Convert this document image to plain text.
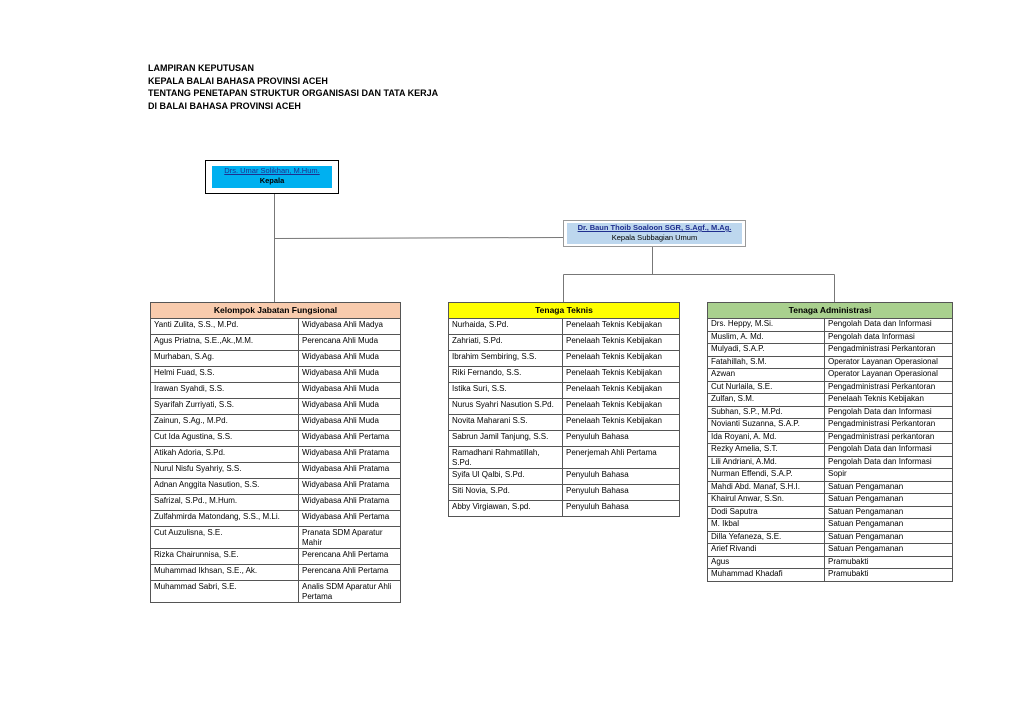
LAMPIRAN KEPUTUSAN
KEPALA BALAI BAHASA PROVINSI ACEH
TENTANG PENETAPAN STRUKTUR ORGANISASI DAN TATA KERJA
DI BALAI BAHASA PROVINSI ACEH
Drs. Umar Solikhan, M.Hum.
Kepala
Dr. Baun Thoib Soaloon SGR, S.Agf., M.Ag.
Kepala Subbagian Umum
Kelompok Jabatan Fungsional	
Yanti Zulita, S.S., M.Pd.	Widyabasa Ahli Madya
Agus Priatna, S.E.,Ak.,M.M.	Perencana Ahli Muda
Murhaban, S.Ag.	Widyabasa Ahli Muda
Helmi Fuad, S.S.	Widyabasa Ahli Muda
Irawan Syahdi, S.S.	Widyabasa Ahli Muda
Syarifah Zurriyati, S.S.	Widyabasa Ahli Muda
Zainun, S.Ag., M.Pd.	Widyabasa Ahli Muda
Cut Ida Agustina, S.S.	Widyabasa Ahli Pertama
Atikah Adoria, S.Pd.	Widyabasa Ahli Pratama
Nurul Nisfu Syahriy, S.S.	Widyabasa Ahli Pratama
Adnan Anggita Nasution, S.S.	Widyabasa Ahli Pratama
Safrizal, S.Pd., M.Hum.	Widyabasa Ahli Pratama
Zulfahmirda Matondang, S.S., M.Li.	Widyabasa Ahli Pertama
Cut Auzulisna, S.E.	Pranata SDM Aparatur Mahir
Rizka Chairunnisa, S.E.	Perencana Ahli Pertama
Muhammad Ikhsan, S.E., Ak.	Perencana Ahli Pertama
Muhammad Sabri, S.E.	Analis SDM Aparatur Ahli Pertama
Tenaga Teknis	
Nurhaida, S.Pd.	Penelaah Teknis Kebijakan
Zahriati, S.Pd.	Penelaah Teknis Kebijakan
Ibrahim Sembiring, S.S.	Penelaah Teknis Kebijakan
Riki Fernando, S.S.	Penelaah Teknis Kebijakan
Istika Suri, S.S.	Penelaah Teknis Kebijakan
Nurus Syahri Nasution S.Pd.	Penelaah Teknis Kebijakan
Novita Maharani S.S.	Penelaah Teknis Kebijakan
Sabrun Jamil Tanjung, S.S.	Penyuluh Bahasa
Ramadhani Rahmatillah, S.Pd.	Penerjemah Ahli Pertama
Syifa Ul Qalbi, S.Pd.	Penyuluh Bahasa
Siti Novia, S.Pd.	Penyuluh Bahasa
Abby Virgiawan, S.pd.	Penyuluh Bahasa
Tenaga Administrasi	
Drs. Heppy, M.Si.	Pengolah Data dan Informasi
Muslim, A. Md.	Pengolah data Informasi
Mulyadi, S.A.P.	Pengadministrasi Perkantoran
Fatahillah, S.M.	Operator Layanan Operasional
Azwan	Operator Layanan Operasional
Cut Nurlaila, S.E.	Pengadministrasi Perkantoran
Zulfan, S.M.	Penelaah Teknis Kebijakan
Subhan, S.P., M.Pd.	Pengolah Data dan Informasi
Novianti Suzanna, S.A.P.	Pengadministrasi Perkantoran
Ida Royani, A. Md.	Pengadministrasi perkantoran
Rezky Amelia, S.T.	Pengolah Data dan Informasi
Lili Andriani, A.Md.	Pengolah Data dan Informasi
Nurman Effendi, S.A.P.	Sopir
Mahdi Abd. Manaf, S.H.I.	Satuan Pengamanan
Khairul Anwar, S.Sn.	Satuan Pengamanan
Dodi Saputra	Satuan Pengamanan
M. Ikbal	Satuan Pengamanan
Dilla Yefaneza, S.E.	Satuan Pengamanan
Arief Rivandi	Satuan Pengamanan
Agus	Pramubakti
Muhammad Khadafi	Pramubakti
